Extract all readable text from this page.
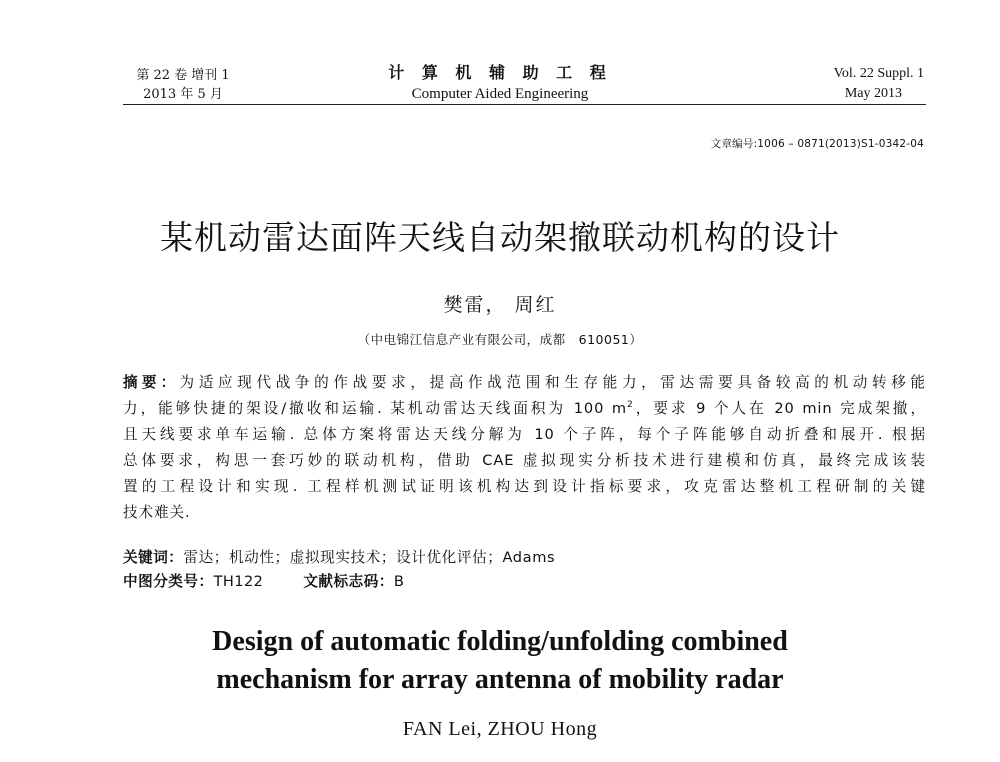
第 22 卷 增刊 1
2013 年 5 月
计 算 机 辅 助 工 程
Computer Aided Engineering
Vol. 22 Suppl. 1
May 2013
文章编号:1006 – 0871(2013)S1-0342-04
某机动雷达面阵天线自动架撤联动机构的设计
樊雷， 周红
（中电锦江信息产业有限公司，成都　610051）
摘要：为适应现代战争的作战要求，提高作战范围和生存能力，雷达需要具备较高的机动转移能
力，能够快捷的架设/撤收和运输. 某机动雷达天线面积为 100 $m^2$，要求 9 个人在 20 min 完成架撤，
且天线要求单车运输. 总体方案将雷达天线分解为 10 个子阵，每个子阵能够自动折叠和展开. 根据
总体要求，构思一套巧妙的联动机构，借助 CAE 虚拟现实分析技术进行建模和仿真，最终完成该装
置的工程设计和实现. 工程样机测试证明该机构达到设计指标要求，攻克雷达整机工程研制的关键
技术难关.
关键词：雷达；机动性；虚拟现实技术；设计优化评估；Adams
中图分类号：TH122	文献标志码：B
Design of automatic folding/unfolding combined
mechanism for array antenna of mobility radar
FAN Lei, ZHOU Hong
